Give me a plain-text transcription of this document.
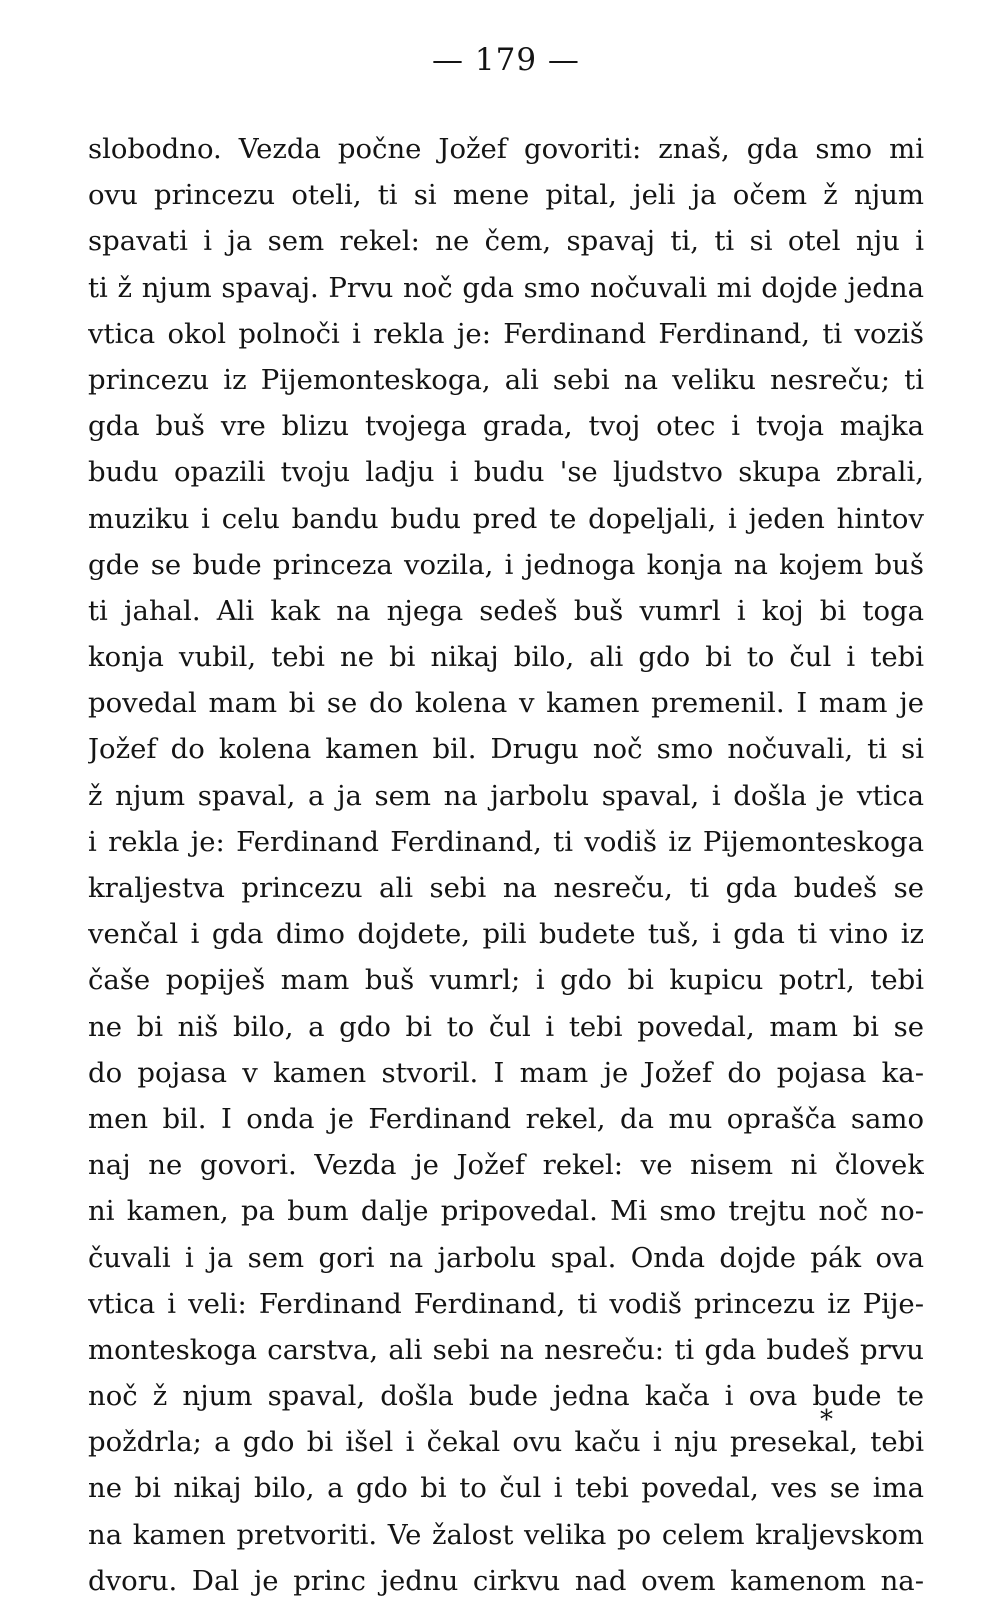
— 179 —
slobodno. Vezda počne Jožef govoriti: znaš, gda smo mi
ovu princezu oteli, ti si mene pital, jeli ja očem ž njum
spavati i ja sem rekel: ne čem, spavaj ti, ti si otel nju i
ti ž njum spavaj. Prvu noč gda smo nočuvali mi dojde jedna
vtica okol polnoči i rekla je: Ferdinand Ferdinand, ti voziš
princezu iz Pijemonteskoga, ali sebi na veliku nesreču; ti
gda buš vre blizu tvojega grada, tvoj otec i tvoja majka
budu opazili tvoju ladju i budu 'se ljudstvo skupa zbrali,
muziku i celu bandu budu pred te dopeljali, i jeden hintov
gde se bude princeza vozila, i jednoga konja na kojem buš
ti jahal. Ali kak na njega sedeš buš vumrl i koj bi toga
konja vubil, tebi ne bi nikaj bilo, ali gdo bi to čul i tebi
povedal mam bi se do kolena v kamen premenil. I mam je
Jožef do kolena kamen bil. Drugu noč smo nočuvali, ti si
ž njum spaval, a ja sem na jarbolu spaval, i došla je vtica
i rekla je: Ferdinand Ferdinand, ti vodiš iz Pijemonteskoga
kraljestva princezu ali sebi na nesreču, ti gda budeš se
venčal i gda dimo dojdete, pili budete tuš, i gda ti vino iz
čaše popiješ mam buš vumrl; i gdo bi kupicu potrl, tebi
ne bi niš bilo, a gdo bi to čul i tebi povedal, mam bi se
do pojasa v kamen stvoril. I mam je Jožef do pojasa ka-
men bil. I onda je Ferdinand rekel, da mu oprašča samo
naj ne govori. Vezda je Jožef rekel: ve nisem ni človek
ni kamen, pa bum dalje pripovedal. Mi smo trejtu noč no-
čuvali i ja sem gori na jarbolu spal. Onda dojde pák ova
vtica i veli: Ferdinand Ferdinand, ti vodiš princezu iz Pije-
monteskoga carstva, ali sebi na nesreču: ti gda budeš prvu
noč ž njum spaval, došla bude jedna kača i ova bude te
poždrla; a gdo bi išel i čekal ovu kaču i nju presekal, tebi
ne bi nikaj bilo, a gdo bi to čul i tebi povedal, ves se ima
na kamen pretvoriti. Ve žalost velika po celem kraljevskom
dvoru. Dal je princ jednu cirkvu nad ovem kamenom na-
*
